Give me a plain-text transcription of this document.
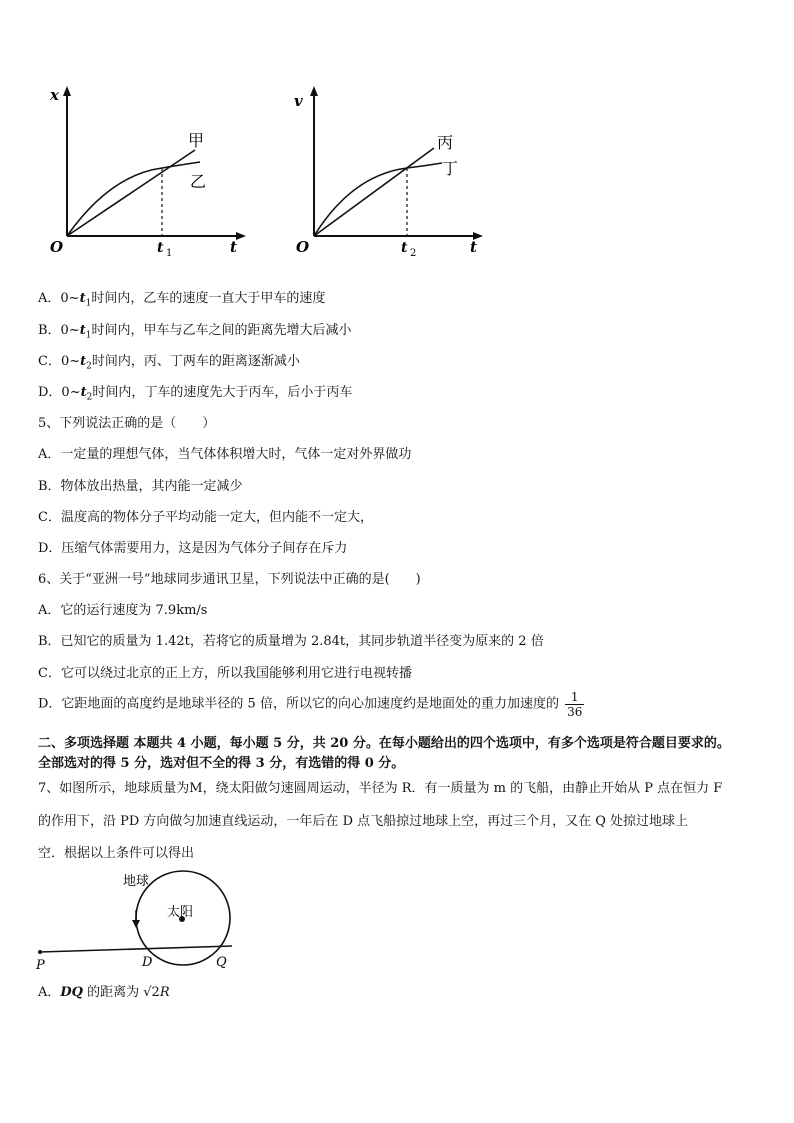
x
t
O	t 1
甲
乙
v
t
O	t 2
丙
丁
A．$0\sim t_1$时间内，乙车的速度一直大于甲车的速度
B．$0\sim t_1$时间内，甲车与乙车之间的距离先增大后减小
C．$0\sim t_2$时间内，丙、丁两车的距离逐渐减小
D．$0\sim t_2$时间内，丁车的速度先大于丙车，后小于丙车
5、下列说法正确的是（　　）
A．一定量的理想气体，当气体体积增大时，气体一定对外界做功
B．物体放出热量，其内能一定减少
C．温度高的物体分子平均动能一定大，但内能不一定大，
D．压缩气体需要用力，这是因为气体分子间存在斥力
6、关于“亚洲一号”地球同步通讯卫星，下列说法中正确的是(　　)
A．它的运行速度为 7.9km/s
B．已知它的质量为 1.42t，若将它的质量增为 2.84t，其同步轨道半径变为原来的 2 倍
C．它可以绕过北京的正上方，所以我国能够利用它进行电视转播
D．它距地面的高度约是地球半径的 5 倍，所以它的向心加速度约是地面处的重力加速度的 $\frac{1}{36}$
二、多项选择题 本题共 4 小题，每小题 5 分，共 20 分。在每小题给出的四个选项中，有多个选项是符合题目要求的。
全部选对的得 5 分，选对但不全的得 3 分，有选错的得 0 分。
7、如图所示，地球质量为M，绕太阳做匀速圆周运动，半径为 R．有一质量为 m 的飞船，由静止开始从 P 点在恒力 F
的作用下，沿 PD 方向做匀加速直线运动，一年后在 D 点飞船掠过地球上空，再过三个月，又在 Q 处掠过地球上
空．根据以上条件可以得出
地球
太阳
P	D	Q
A．DQ 的距离为 √2R
